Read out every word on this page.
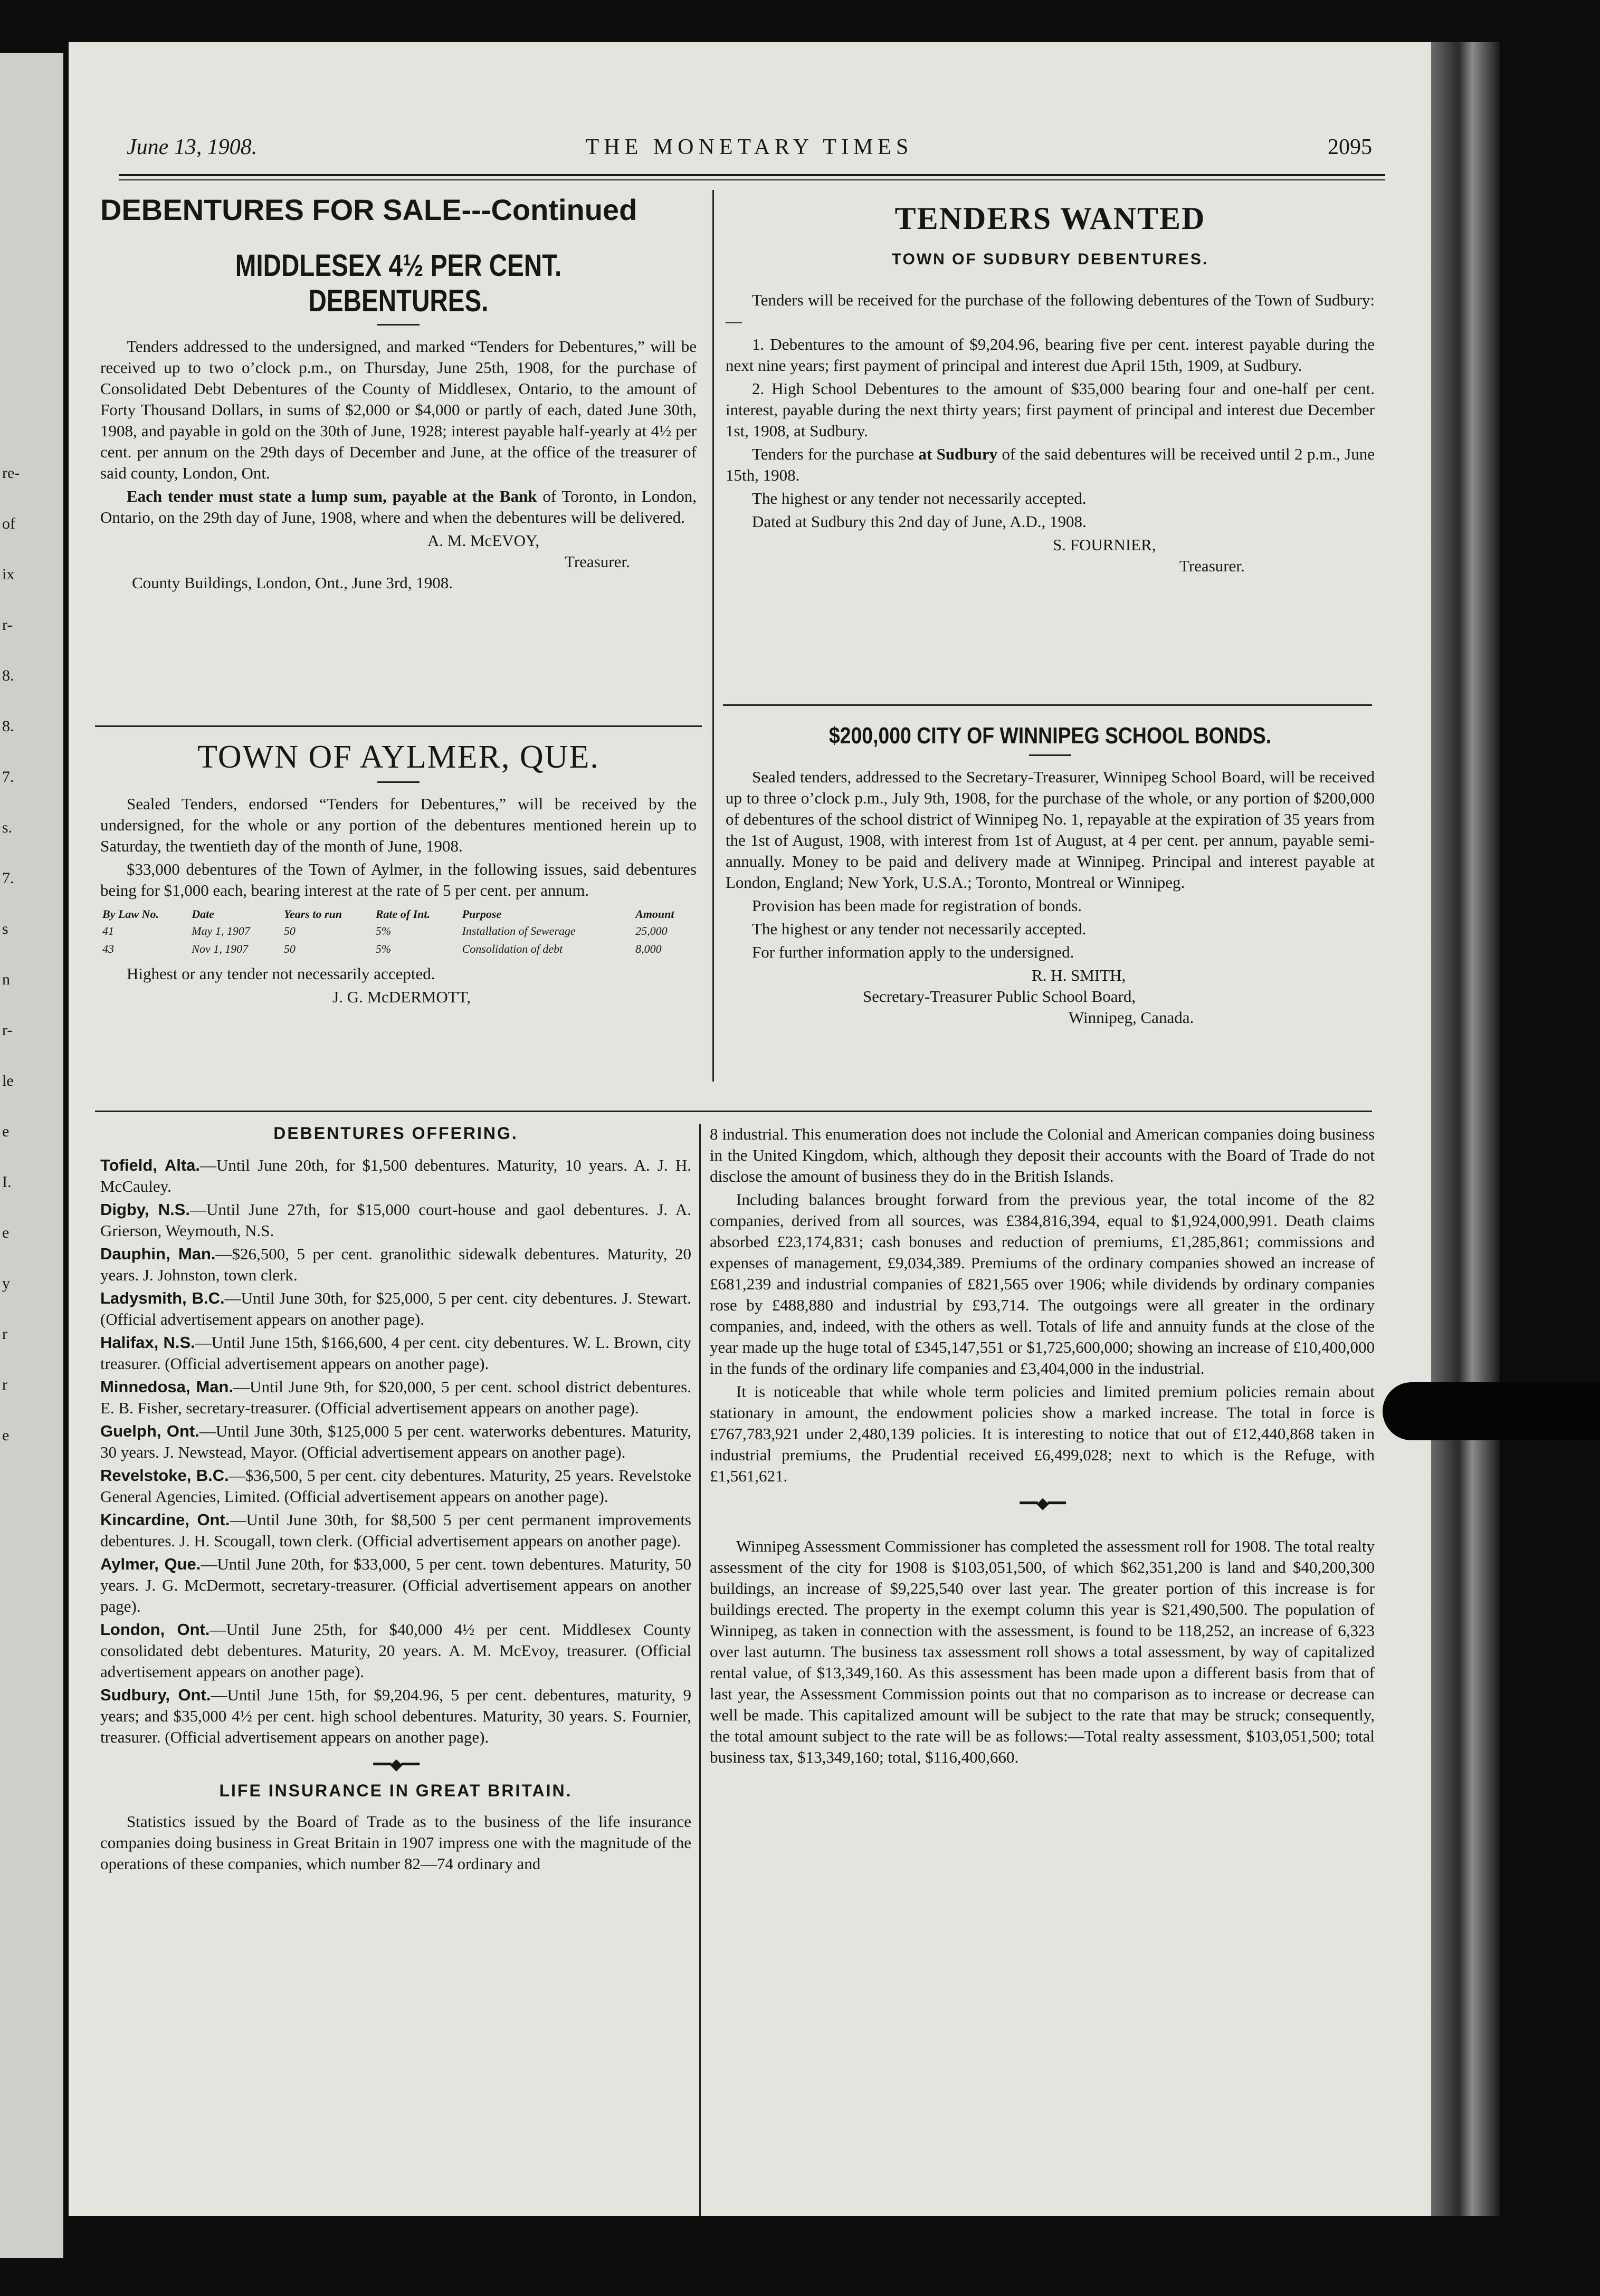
re-
of
ix
r-
8.
8.
7.
s.
7.
s
n
r-
le
e
I.
e
y
r
r
e
June 13, 1908.	THE MONETARY TIMES	2095
DEBENTURES FOR SALE---Continued
MIDDLESEX 4½ PER CENT. DEBENTURES.

Tenders addressed to the undersigned, and marked “Tenders for Debentures,” will be received up to two o’clock p.m., on Thursday, June 25th, 1908, for the purchase of Consolidated Debt Debentures of the County of Middlesex, Ontario, to the amount of Forty Thousand Dollars, in sums of $2,000 or $4,000 or partly of each, dated June 30th, 1908, and payable in gold on the 30th of June, 1928; interest payable half-yearly at 4½ per cent. per annum on the 29th days of December and June, at the office of the treasurer of said county, London, Ont.

Each tender must state a lump sum, payable at the Bank of Toronto, in London, Ontario, on the 29th day of June, 1908, where and when the debentures will be delivered.

A. M. McEVOY,
Treasurer.
County Buildings, London, Ont., June 3rd, 1908.
TOWN OF AYLMER, QUE.

Sealed Tenders, endorsed “Tenders for Debentures,” will be received by the undersigned, for the whole or any portion of the debentures mentioned herein up to Saturday, the twentieth day of the month of June, 1908.

$33,000 debentures of the Town of Aylmer, in the following issues, said debentures being for $1,000 each, bearing interest at the rate of 5 per cent. per annum.

By Law No.	Date	Years to run	Rate of Int.	Purpose	Amount
41	May 1, 1907	50	5%	Installation of Sewerage	25,000
43	Nov 1, 1907	50	5%	Consolidation of debt	8,000

Highest or any tender not necessarily accepted.

J. G. McDERMOTT,
TENDERS WANTED
TOWN OF SUDBURY DEBENTURES.

Tenders will be received for the purchase of the following debentures of the Town of Sudbury:—

1. Debentures to the amount of $9,204.96, bearing five per cent. interest payable during the next nine years; first payment of principal and interest due April 15th, 1909, at Sudbury.

2. High School Debentures to the amount of $35,000 bearing four and one-half per cent. interest, payable during the next thirty years; first payment of principal and interest due December 1st, 1908, at Sudbury.

Tenders for the purchase at Sudbury of the said debentures will be received until 2 p.m., June 15th, 1908.

The highest or any tender not necessarily accepted.

Dated at Sudbury this 2nd day of June, A.D., 1908.

S. FOURNIER,
Treasurer.
$200,000 CITY OF WINNIPEG SCHOOL BONDS.

Sealed tenders, addressed to the Secretary-Treasurer, Winnipeg School Board, will be received up to three o’clock p.m., July 9th, 1908, for the purchase of the whole, or any portion of $200,000 of debentures of the school district of Winnipeg No. 1, repayable at the expiration of 35 years from the 1st of August, 1908, with interest from 1st of August, at 4 per cent. per annum, payable semi-annually. Money to be paid and delivery made at Winnipeg. Principal and interest payable at London, England; New York, U.S.A.; Toronto, Montreal or Winnipeg.

Provision has been made for registration of bonds.

The highest or any tender not necessarily accepted.

For further information apply to the undersigned.

R. H. SMITH,
Secretary-Treasurer Public School Board,
Winnipeg, Canada.
DEBENTURES OFFERING.

Tofield, Alta.—Until June 20th, for $1,500 debentures. Maturity, 10 years. A. J. H. McCauley.

Digby, N.S.—Until June 27th, for $15,000 court-house and gaol debentures. J. A. Grierson, Weymouth, N.S.

Dauphin, Man.—$26,500, 5 per cent. granolithic sidewalk debentures. Maturity, 20 years. J. Johnston, town clerk.

Ladysmith, B.C.—Until June 30th, for $25,000, 5 per cent. city debentures. J. Stewart. (Official advertisement appears on another page).

Halifax, N.S.—Until June 15th, $166,600, 4 per cent. city debentures. W. L. Brown, city treasurer. (Official advertisement appears on another page).

Minnedosa, Man.—Until June 9th, for $20,000, 5 per cent. school district debentures. E. B. Fisher, secretary-treasurer. (Official advertisement appears on another page).

Guelph, Ont.—Until June 30th, $125,000 5 per cent. waterworks debentures. Maturity, 30 years. J. Newstead, Mayor. (Official advertisement appears on another page).

Revelstoke, B.C.—$36,500, 5 per cent. city debentures. Maturity, 25 years. Revelstoke General Agencies, Limited. (Official advertisement appears on another page).

Kincardine, Ont.—Until June 30th, for $8,500 5 per cent permanent improvements debentures. J. H. Scougall, town clerk. (Official advertisement appears on another page).

Aylmer, Que.—Until June 20th, for $33,000, 5 per cent. town debentures. Maturity, 50 years. J. G. McDermott, secretary-treasurer. (Official advertisement appears on another page).

London, Ont.—Until June 25th, for $40,000 4½ per cent. Middlesex County consolidated debt debentures. Maturity, 20 years. A. M. McEvoy, treasurer. (Official advertisement appears on another page).

Sudbury, Ont.—Until June 15th, for $9,204.96, 5 per cent. debentures, maturity, 9 years; and $35,000 4½ per cent. high school debentures. Maturity, 30 years. S. Fournier, treasurer. (Official advertisement appears on another page).

━━◆━━
LIFE INSURANCE IN GREAT BRITAIN.

Statistics issued by the Board of Trade as to the business of the life insurance companies doing business in Great Britain in 1907 impress one with the magnitude of the operations of these companies, which number 82—74 ordinary and

8 industrial. This enumeration does not include the Colonial and American companies doing business in the United Kingdom, which, although they deposit their accounts with the Board of Trade do not disclose the amount of business they do in the British Islands.

Including balances brought forward from the previous year, the total income of the 82 companies, derived from all sources, was £384,816,394, equal to $1,924,000,991. Death claims absorbed £23,174,831; cash bonuses and reduction of premiums, £1,285,861; commissions and expenses of management, £9,034,389. Premiums of the ordinary companies showed an increase of £681,239 and industrial companies of £821,565 over 1906; while dividends by ordinary companies rose by £488,880 and industrial by £93,714. The outgoings were all greater in the ordinary companies, and, indeed, with the others as well. Totals of life and annuity funds at the close of the year made up the huge total of £345,147,551 or $1,725,600,000; showing an increase of £10,400,000 in the funds of the ordinary life companies and £3,404,000 in the industrial.

It is noticeable that while whole term policies and limited premium policies remain about stationary in amount, the endowment policies show a marked increase. The total in force is £767,783,921 under 2,480,139 policies. It is interesting to notice that out of £12,440,868 taken in industrial premiums, the Prudential received £6,499,028; next to which is the Refuge, with £1,561,621.

━━◆━━

Winnipeg Assessment Commissioner has completed the assessment roll for 1908. The total realty assessment of the city for 1908 is $103,051,500, of which $62,351,200 is land and $40,200,300 buildings, an increase of $9,225,540 over last year. The greater portion of this increase is for buildings erected. The property in the exempt column this year is $21,490,500. The population of Winnipeg, as taken in connection with the assessment, is found to be 118,252, an increase of 6,323 over last autumn. The business tax assessment roll shows a total assessment, by way of capitalized rental value, of $13,349,160. As this assessment has been made upon a different basis from that of last year, the Assessment Commission points out that no comparison as to increase or decrease can well be made. This capitalized amount will be subject to the rate that may be struck; consequently, the total amount subject to the rate will be as follows:—Total realty assessment, $103,051,500; total business tax, $13,349,160; total, $116,400,660.
